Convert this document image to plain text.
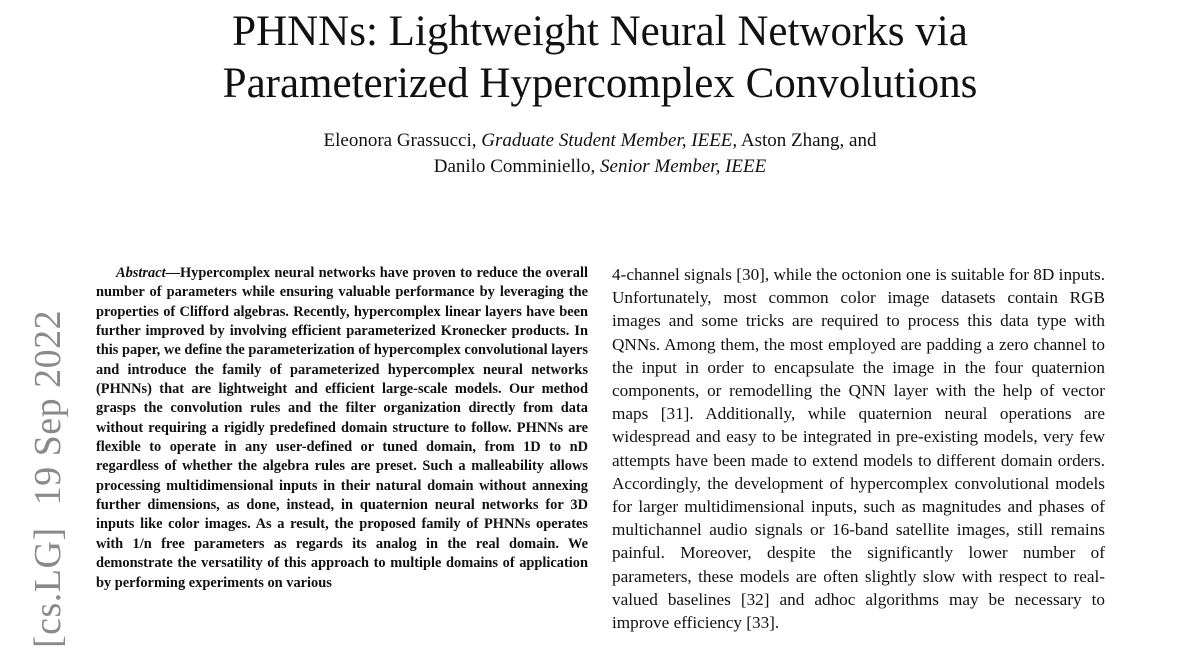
PHNNs: Lightweight Neural Networks via
Parameterized Hypercomplex Convolutions
Eleonora Grassucci, Graduate Student Member, IEEE, Aston Zhang, and
Danilo Comminiello, Senior Member, IEEE
[cs.LG]19 Sep 2022

Abstract—Hypercomplex neural networks have proven to reduce the overall number of parameters while ensuring valuable performance by leveraging the properties of Clifford algebras. Recently, hypercomplex linear layers have been further improved by involving efficient parameterized Kronecker products. In this paper, we define the parameterization of hypercomplex convolutional layers and introduce the family of parameterized hypercomplex neural networks (PHNNs) that are lightweight and efficient large-scale models. Our method grasps the convolution rules and the filter organization directly from data without requiring a rigidly predefined domain structure to follow. PHNNs are flexible to operate in any user-defined or tuned domain, from 1D to nD regardless of whether the algebra rules are preset. Such a malleability allows processing multidimensional inputs in their natural domain without annexing further dimensions, as done, instead, in quaternion neural networks for 3D inputs like color images. As a result, the proposed family of PHNNs operates with 1/n free parameters as regards its analog in the real domain. We demonstrate the versatility of this approach to multiple domains of application by performing experiments on various

4-channel signals [30], while the octonion one is suitable for 8D inputs. Unfortunately, most common color image datasets contain RGB images and some tricks are required to process this data type with QNNs. Among them, the most employed are padding a zero channel to the input in order to encapsulate the image in the four quaternion components, or remodelling the QNN layer with the help of vector maps [31]. Additionally, while quaternion neural operations are widespread and easy to be integrated in pre-existing models, very few attempts have been made to extend models to different domain orders. Accordingly, the development of hypercomplex convolutional models for larger multidimensional inputs, such as magnitudes and phases of multichannel audio signals or 16-band satellite images, still remains painful. Moreover, despite the significantly lower number of parameters, these models are often slightly slow with respect to real-valued baselines [32] and adhoc algorithms may be necessary to improve efficiency [33].
